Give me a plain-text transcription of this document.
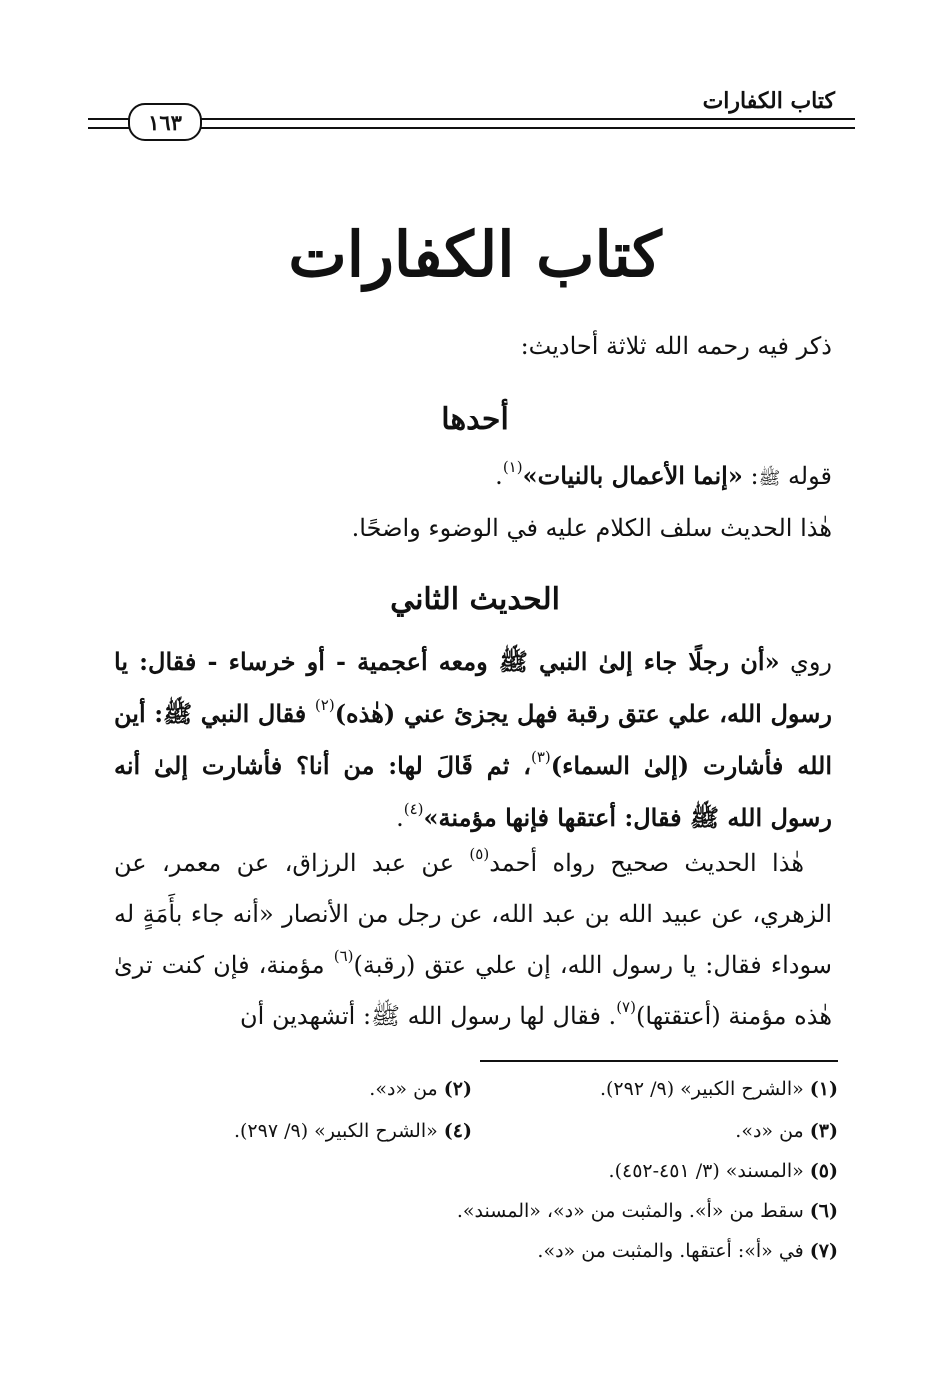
كتاب الكفارات
١٦٣
كتاب الكفارات
ذكر فيه رحمه الله ثلاثة أحاديث:
أحدها
قوله ﷺ: «إنما الأعمال بالنيات»$^{(١)}$.
هٰذا الحديث سلف الكلام عليه في الوضوء واضحًا.
الحديث الثاني
روي «أن رجلًا جاء إلىٰ النبي ﷺ ومعه أعجمية - أو خرساء - فقال: يا رسول الله، علي عتق رقبة فهل يجزئ عني (هٰذه)$^{(٢)}$ فقال النبي ﷺ: أين الله فأشارت (إلىٰ السماء)$^{(٣)}$، ثم قَالَ لها: من أنا؟ فأشارت إلىٰ أنه رسول الله ﷺ فقال: أعتقها فإنها مؤمنة»$^{(٤)}$.
هٰذا الحديث صحيح رواه أحمد$^{(٥)}$ عن عبد الرزاق، عن معمر، عن الزهري، عن عبيد الله بن عبد الله، عن رجل من الأنصار «أنه جاء بأَمَةٍ له سوداء فقال: يا رسول الله، إن علي عتق (رقبة)$^{(٦)}$ مؤمنة، فإن كنت ترىٰ هٰذه مؤمنة (أعتقتها)$^{(٧)}$. فقال لها رسول الله ﷺ: أتشهدين أن
(١) «الشرح الكبير» (٩/ ٢٩٢).
(٢) من «د».
(٣) من «د».
(٤) «الشرح الكبير» (٩/ ٢٩٧).
(٥) «المسند» (٣/ ٤٥١-٤٥٢).
(٦) سقط من «أ». والمثبت من «د»، «المسند».
(٧) في «أ»: أعتقها. والمثبت من «د».
